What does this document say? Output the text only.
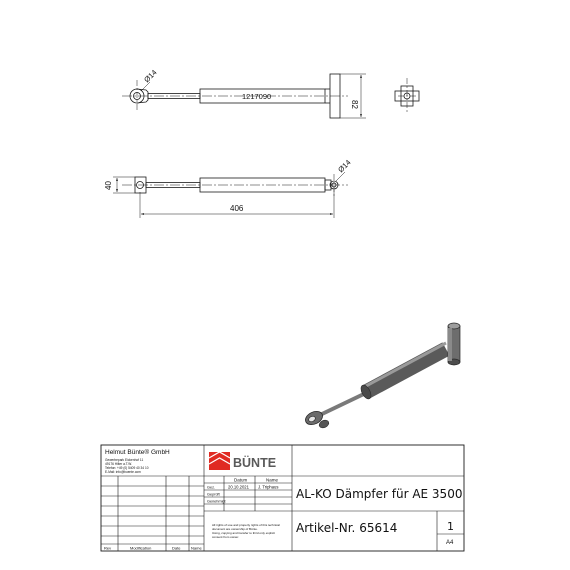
Ø14
1217090
82
Ø14
40
406
Helmut Bünte® GmbH
Gewerbepark Eickenhof 11
49176 Hilter a.T.W.
Telefon: +49 (0) 5409 40 34 10
E-Mail: info@buente.com
BÜNTE
Datum	Name
Gez.	20.10.2021 J. Triphaus
Geprüft
Genehmigt
All rights of use and property rights of this technical
document are ownership of Bünte.
Using, copying and transfer to third only explicit
consent from owner.
Rev	Modification	Date	Name
AL-KO Dämpfer für AE 3500
Artikel-Nr. 65614	1
A4
